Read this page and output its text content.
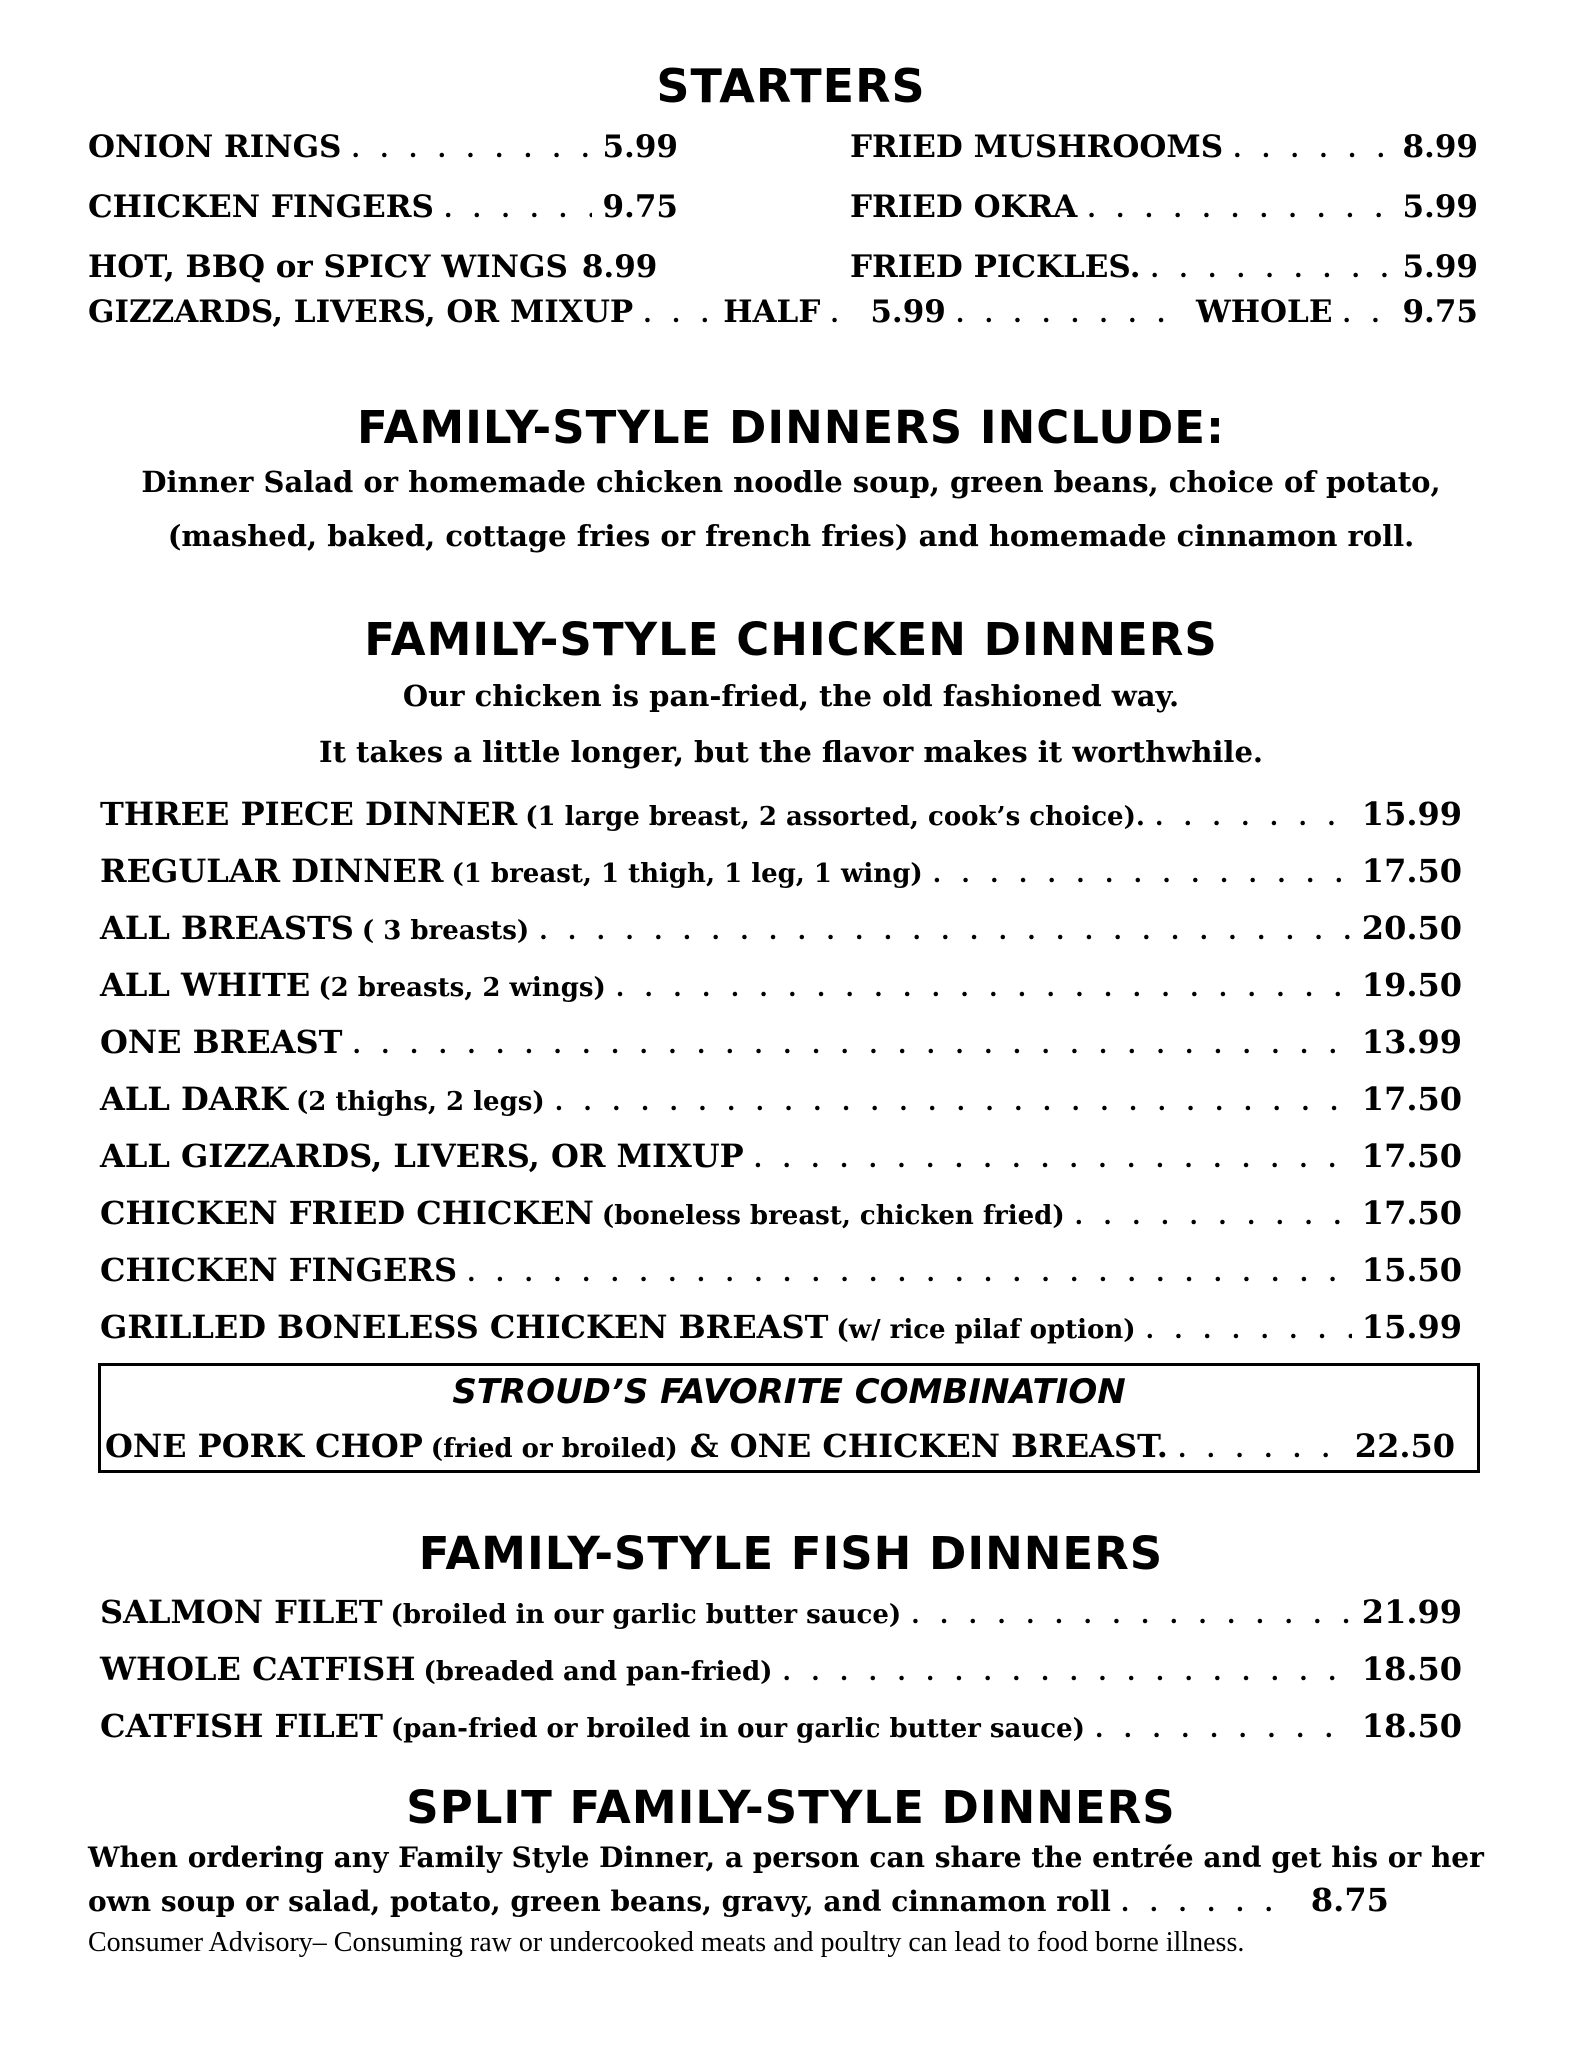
STARTERS
ONION RINGS . . .	5.99
CHICKEN FINGERS . . .	9.75
HOT, BBQ or SPICY WINGS 8.99
FRIED MUSHROOMS . . .	8.99
FRIED OKRA . . .	5.99
FRIED PICKLES. . . .	5.99
GIZZARDS, LIVERS, OR MIXUP . . .	HALF . . . 5.99 . . .	WHOLE . . . 9.75
FAMILY-STYLE DINNERS INCLUDE:
Dinner Salad or homemade chicken noodle soup, green beans, choice of potato,
(mashed, baked, cottage fries or french fries) and homemade cinnamon roll.
FAMILY-STYLE CHICKEN DINNERS
Our chicken is pan-fried, the old fashioned way.
It takes a little longer, but the flavor makes it worthwhile.
THREE PIECE DINNER (1 large breast, 2 assorted, cook’s choice). . . .	15.99
REGULAR DINNER (1 breast, 1 thigh, 1 leg, 1 wing) . . .	17.50
ALL BREASTS ( 3 breasts) . . .	20.50
ALL WHITE (2 breasts, 2 wings) . . .	19.50
ONE BREAST . . .	13.99
ALL DARK (2 thighs, 2 legs) . . .	17.50
ALL GIZZARDS, LIVERS, OR MIXUP . . .	17.50
CHICKEN FRIED CHICKEN (boneless breast, chicken fried) . . .	17.50
CHICKEN FINGERS . . .	15.50
GRILLED BONELESS CHICKEN BREAST (w/ rice pilaf option) . . .	15.99
STROUD’S FAVORITE COMBINATION
ONE PORK CHOP (fried or broiled) & ONE CHICKEN BREAST. . . .	22.50
FAMILY-STYLE FISH DINNERS
SALMON FILET (broiled in our garlic butter sauce) . . .	21.99
WHOLE CATFISH (breaded and pan-fried) . . .	18.50
CATFISH FILET (pan-fried or broiled in our garlic butter sauce) . . .	18.50
SPLIT FAMILY-STYLE DINNERS
When ordering any Family Style Dinner, a person can share the entrée and get his or her
own soup or salad, potato, green beans, gravy, and cinnamon roll . . .	8.75
Consumer Advisory– Consuming raw or undercooked meats and poultry can lead to food borne illness.
